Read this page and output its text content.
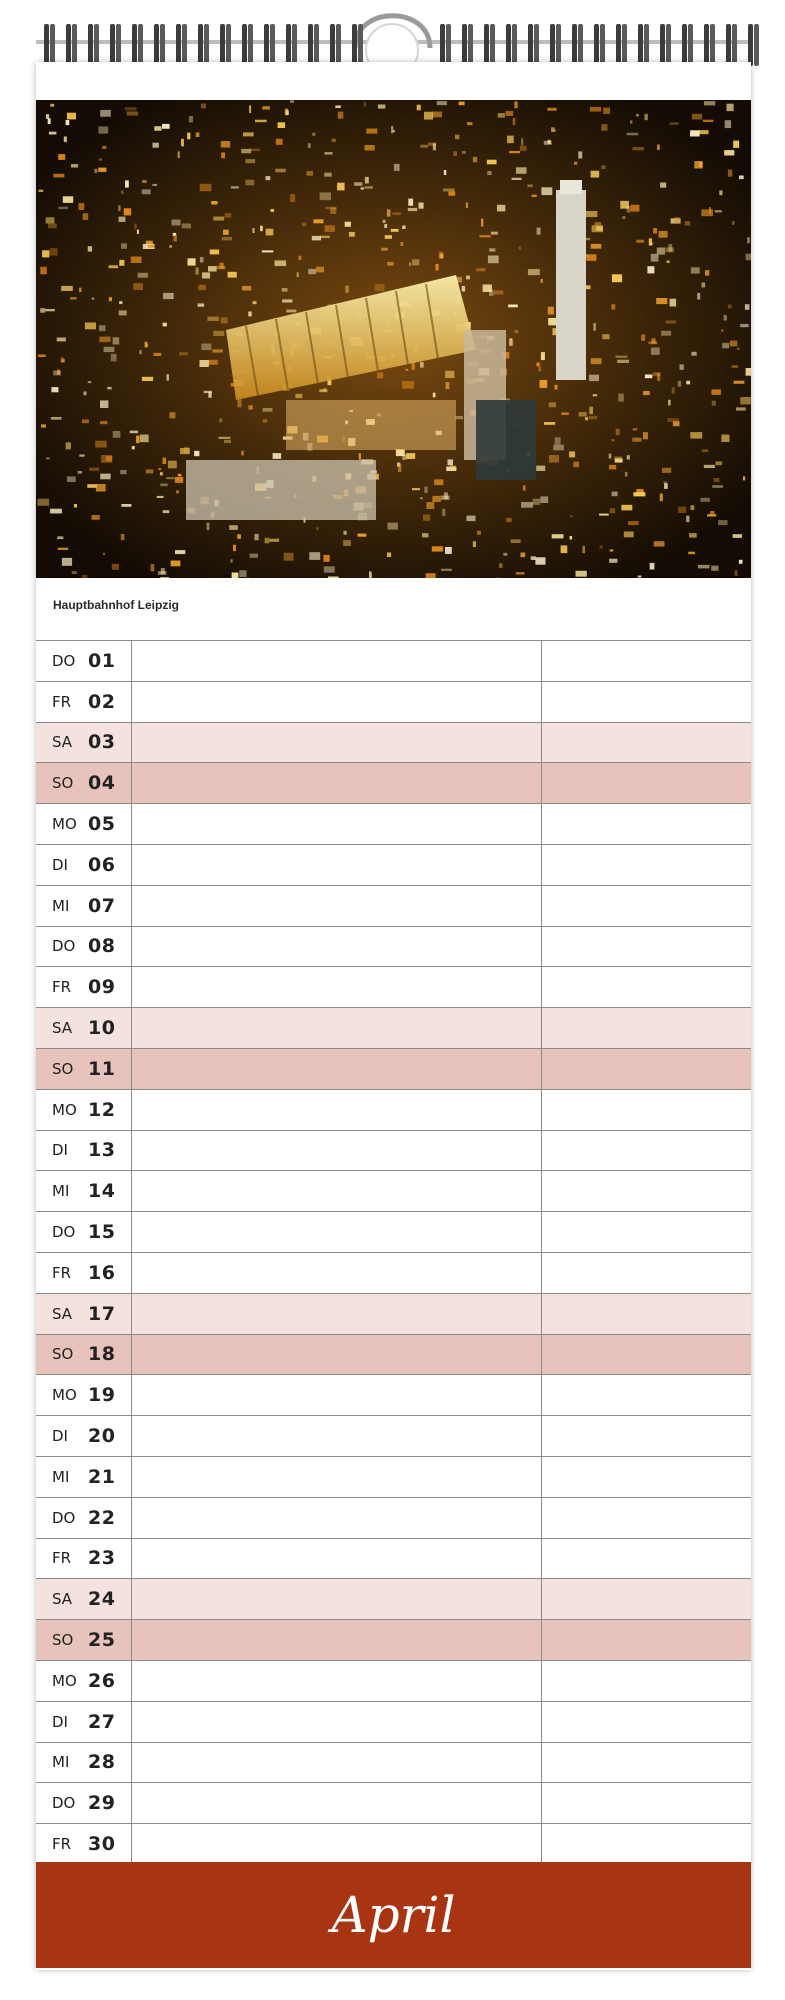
Hauptbahnhof Leipzig
DO 01
FR 02
SA 03
SO 04
MO 05
DI	06
MI 07
DO 08
FR 09
SA 10
SO 11
MO 12
DI	13
MI 14
DO 15
FR 16
SA 17
SO 18
MO 19
DI	20
MI 21
DO 22
FR 23
SA 24
SO 25
MO 26
DI	27
MI 28
DO 29
FR 30
April
